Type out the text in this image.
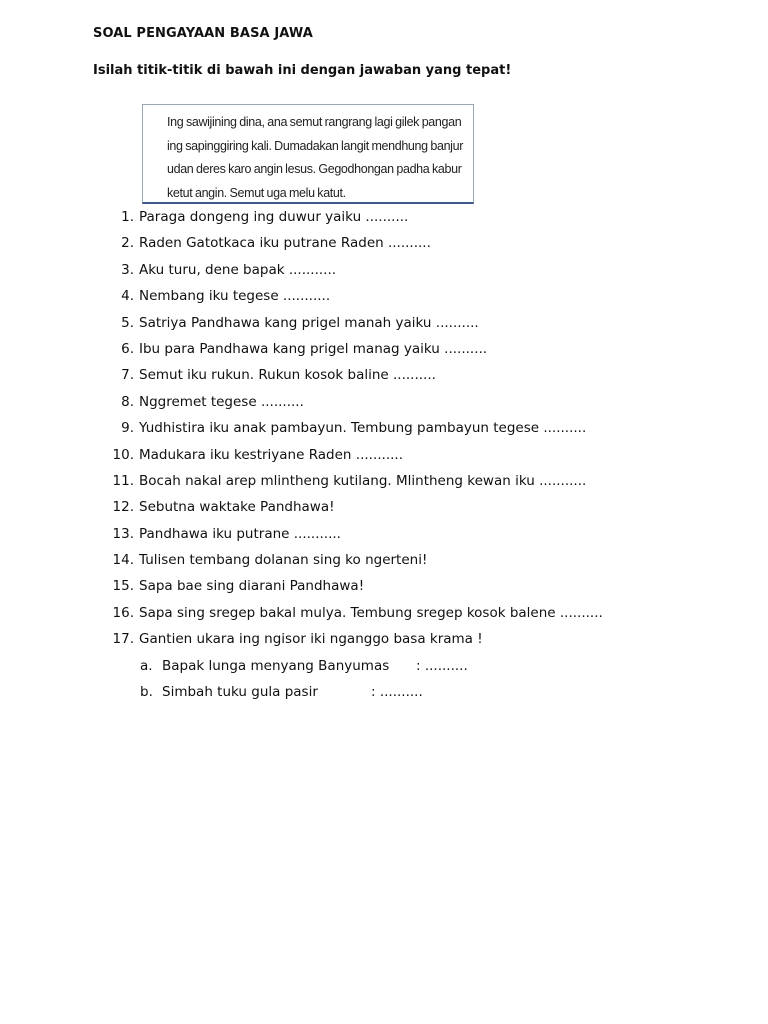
SOAL PENGAYAAN BASA JAWA
Isilah titik-titik di bawah ini dengan jawaban yang tepat!
Ing sawijining dina, ana semut rangrang lagi gilek pangan ing sapinggiring kali. Dumadakan langit mendhung banjur udan deres karo angin lesus. Gegodhongan padha kabur ketut angin. Semut uga melu katut.
1. Paraga dongeng ing duwur yaiku ..........
2. Raden Gatotkaca iku putrane Raden ..........
3. Aku turu, dene bapak ...........
4. Nembang iku tegese ...........
5. Satriya Pandhawa kang prigel manah yaiku ..........
6. Ibu para Pandhawa kang prigel manag yaiku ..........
7. Semut iku rukun. Rukun kosok baline ..........
8. Nggremet tegese ..........
9. Yudhistira iku anak pambayun. Tembung pambayun tegese ..........
10. Madukara iku kestriyane Raden ...........
11. Bocah nakal arep mlintheng kutilang. Mlintheng kewan iku ...........
12. Sebutna waktake Pandhawa!
13. Pandhawa iku putrane ...........
14. Tulisen tembang dolanan sing ko ngerteni!
15. Sapa bae sing diarani Pandhawa!
16. Sapa sing sregep bakal mulya. Tembung sregep kosok balene ..........
17. Gantien ukara ing ngisor iki nganggo basa krama !
a. Bapak lunga menyang Banyumas : ..........
b. Simbah tuku gula pasir	: ..........
